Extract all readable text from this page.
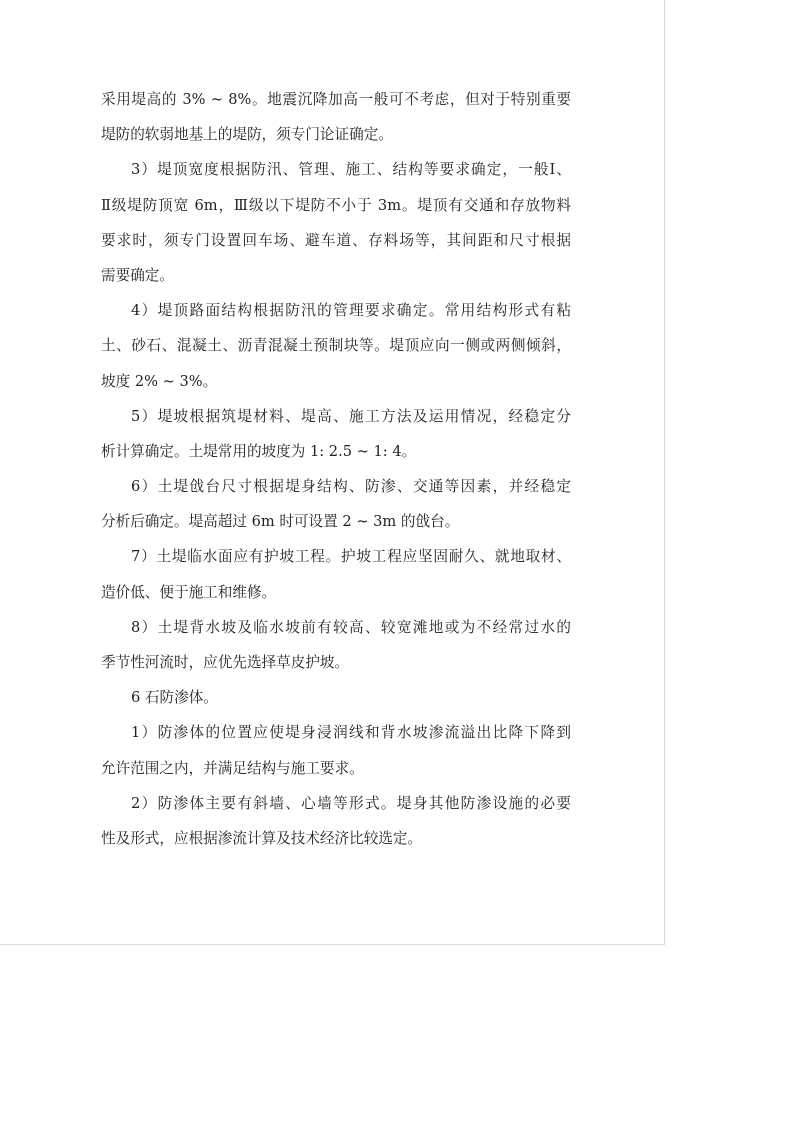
采用堤高的 3% ~ 8%。地震沉降加高一般可不考虑，但对于特别重要
堤防的软弱地基上的堤防，须专门论证确定。
3）堤顶宽度根据防汛、管理、施工、结构等要求确定，一般Ⅰ、
Ⅱ级堤防顶宽 6m，Ⅲ级以下堤防不小于 3m。堤顶有交通和存放物料
要求时，须专门设置回车场、避车道、存料场等，其间距和尺寸根据
需要确定。
4）堤顶路面结构根据防汛的管理要求确定。常用结构形式有粘
土、砂石、混凝土、沥青混凝土预制块等。堤顶应向一侧或两侧倾斜，
坡度 2% ~ 3%。
5）堤坡根据筑堤材料、堤高、施工方法及运用情况，经稳定分
析计算确定。土堤常用的坡度为 1: 2.5 ~ 1: 4。
6）土堤戗台尺寸根据堤身结构、防渗、交通等因素，并经稳定
分析后确定。堤高超过 6m 时可设置 2 ~ 3m 的戗台。
7）土堤临水面应有护坡工程。护坡工程应坚固耐久、就地取材、
造价低、便于施工和维修。
8）土堤背水坡及临水坡前有较高、较宽滩地或为不经常过水的
季节性河流时，应优先选择草皮护坡。
6 石防渗体。
1）防渗体的位置应使堤身浸润线和背水坡渗流溢出比降下降到
允许范围之内，并满足结构与施工要求。
2）防渗体主要有斜墙、心墙等形式。堤身其他防渗设施的必要
性及形式，应根据渗流计算及技术经济比较选定。
